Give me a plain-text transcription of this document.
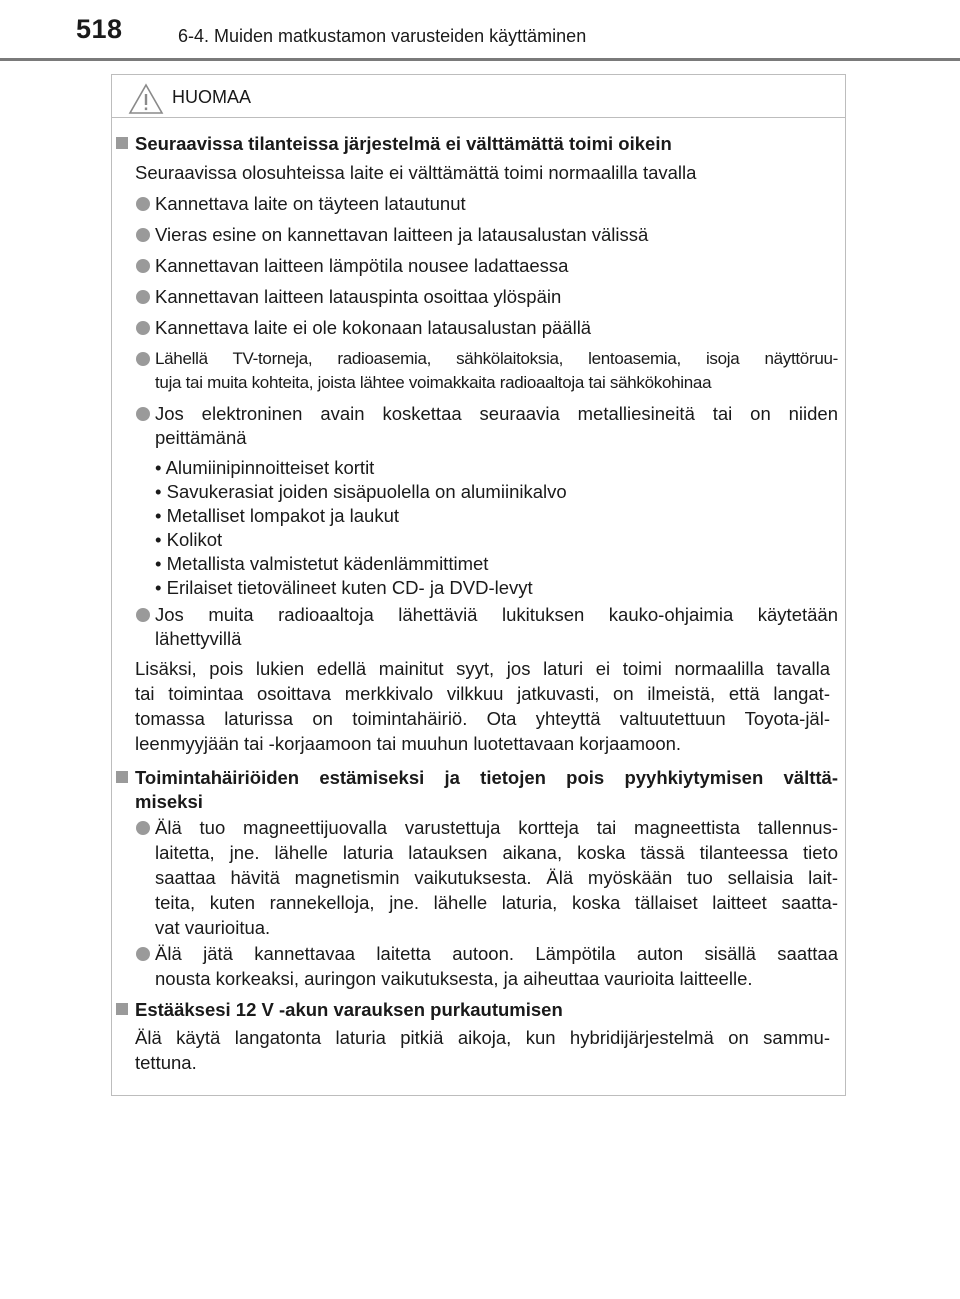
518	6-4. Muiden matkustamon varusteiden käyttäminen
HUOMAA
Seuraavissa tilanteissa järjestelmä ei välttämättä toimi oikein
Seuraavissa olosuhteissa laite ei välttämättä toimi normaalilla tavalla
Kannettava laite on täyteen latautunut
Vieras esine on kannettavan laitteen ja latausalustan välissä
Kannettavan laitteen lämpötila nousee ladattaessa
Kannettavan laitteen latauspinta osoittaa ylöspäin
Kannettava laite ei ole kokonaan latausalustan päällä
Lähellä TV-torneja, radioasemia, sähkölaitoksia, lentoasemia, isoja näyttöruu-
tuja tai muita kohteita, joista lähtee voimakkaita radioaaltoja tai sähkökohinaa
Jos elektroninen avain koskettaa seuraavia metalliesineitä tai on niiden
peittämänä
Jos muita radioaaltoja lähettäviä lukituksen kauko-ohjaimia käytetään
lähettyvillä
• Alumiinipinnoitteiset kortit
• Savukerasiat joiden sisäpuolella on alumiinikalvo
• Metalliset lompakot ja laukut
• Kolikot
• Metallista valmistetut kädenlämmittimet
• Erilaiset tietovälineet kuten CD- ja DVD-levyt
Lisäksi, pois lukien edellä mainitut syyt, jos laturi ei toimi normaalilla tavalla
tai toimintaa osoittava merkkivalo vilkkuu jatkuvasti, on ilmeistä, että langat-
tomassa laturissa on toimintahäiriö. Ota yhteyttä valtuutettuun Toyota-jäl-
leenmyyjään tai -korjaamoon tai muuhun luotettavaan korjaamoon.
Toimintahäiriöiden estämiseksi ja tietojen pois pyyhkiytymisen välttä-
miseksi
Älä tuo magneettijuovalla varustettuja kortteja tai magneettista tallennus-
laitetta, jne. lähelle laturia latauksen aikana, koska tässä tilanteessa tieto
saattaa hävitä magnetismin vaikutuksesta. Älä myöskään tuo sellaisia lait-
teita, kuten rannekelloja, jne. lähelle laturia, koska tällaiset laitteet saatta-
vat vaurioitua.
Älä jätä kannettavaa laitetta autoon. Lämpötila auton sisällä saattaa
nousta korkeaksi, auringon vaikutuksesta, ja aiheuttaa vaurioita laitteelle.
Estääksesi 12 V -akun varauksen purkautumisen
Älä käytä langatonta laturia pitkiä aikoja, kun hybridijärjestelmä on sammu-
tettuna.
